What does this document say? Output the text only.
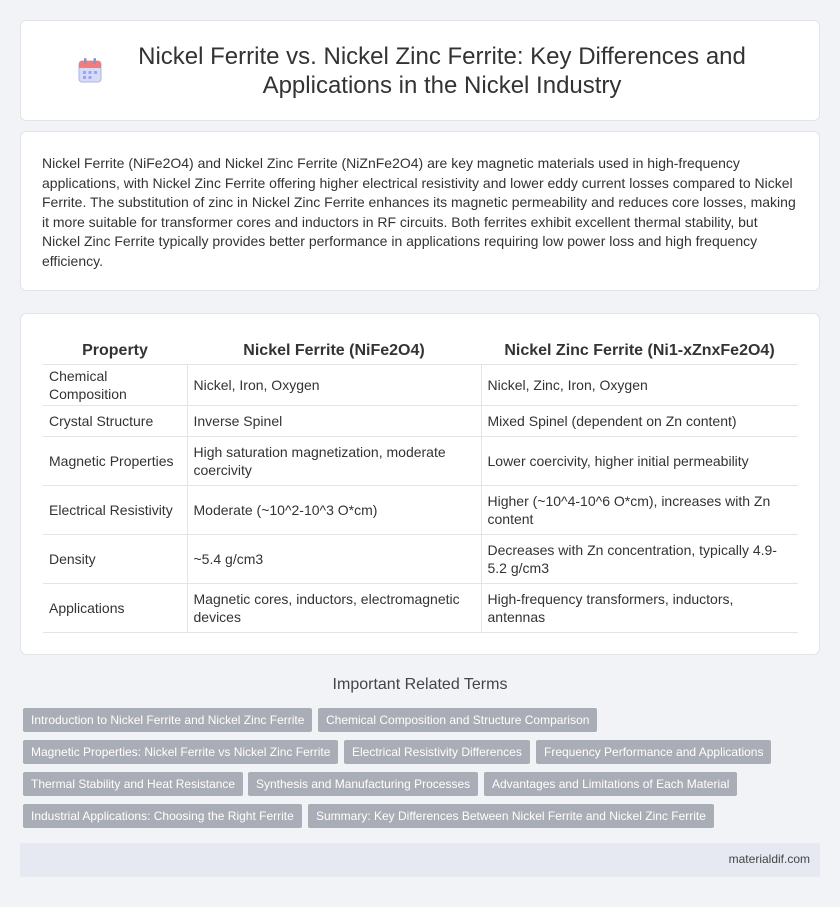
Nickel Ferrite vs. Nickel Zinc Ferrite: Key Differences and Applications in the Nickel Industry

Nickel Ferrite (NiFe2O4) and Nickel Zinc Ferrite (NiZnFe2O4) are key magnetic materials used in high-frequency applications, with Nickel Zinc Ferrite offering higher electrical resistivity and lower eddy current losses compared to Nickel Ferrite. The substitution of zinc in Nickel Zinc Ferrite enhances its magnetic permeability and reduces core losses, making it more suitable for transformer cores and inductors in RF circuits. Both ferrites exhibit excellent thermal stability, but Nickel Zinc Ferrite typically provides better performance in applications requiring low power loss and high frequency efficiency.

Property	Nickel Ferrite (NiFe2O4)	Nickel Zinc Ferrite (Ni1-xZnxFe2O4)
Chemical Composition	Nickel, Iron, Oxygen	Nickel, Zinc, Iron, Oxygen
Crystal Structure	Inverse Spinel	Mixed Spinel (dependent on Zn content)
Magnetic Properties	High saturation magnetization, moderate coercivity	Lower coercivity, higher initial permeability
Electrical Resistivity	Moderate (~10^2-10^3 O*cm)	Higher (~10^4-10^6 O*cm), increases with Zn content
Density	~5.4 g/cm3	Decreases with Zn concentration, typically 4.9-5.2 g/cm3
Applications	Magnetic cores, inductors, electromagnetic devices	High-frequency transformers, inductors, antennas
Important Related Terms
Introduction to Nickel Ferrite and Nickel Zinc Ferrite	Chemical Composition and Structure Comparison
Magnetic Properties: Nickel Ferrite vs Nickel Zinc Ferrite	Electrical Resistivity Differences	Frequency Performance and Applications
Thermal Stability and Heat Resistance	Synthesis and Manufacturing Processes	Advantages and Limitations of Each Material
Industrial Applications: Choosing the Right Ferrite	Summary: Key Differences Between Nickel Ferrite and Nickel Zinc Ferrite
materialdif.com
